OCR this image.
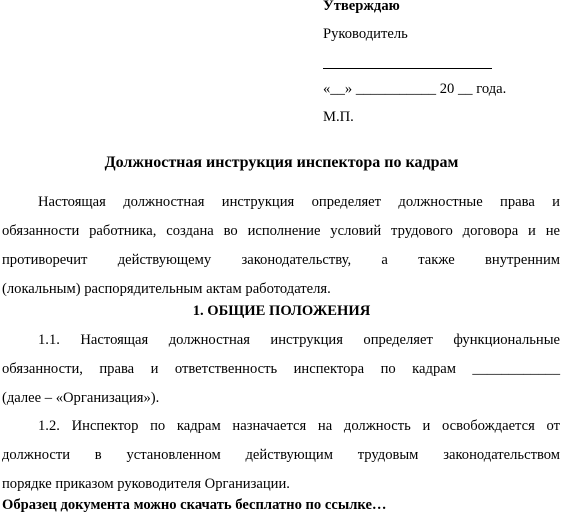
Утверждаю
Руководитель
«__» ___________ 20 __ года.
М.П.
Должностная инструкция инспектора по кадрам
Настоящая должностная инструкция определяет должностные права и
обязанности работника, создана во исполнение условий трудового договора и не
противоречит действующему законодательству, а также внутренним
(локальным) распорядительным актам работодателя.
1. ОБЩИЕ ПОЛОЖЕНИЯ
1.1. Настоящая должностная инструкция определяет функциональные
обязанности, права и ответственность инспектора по кадрам ____________
(далее – «Организация»).
1.2. Инспектор по кадрам назначается на должность и освобождается от
должности в установленном действующим трудовым законодательством
порядке приказом руководителя Организации.
Образец документа можно скачать бесплатно по ссылке…
